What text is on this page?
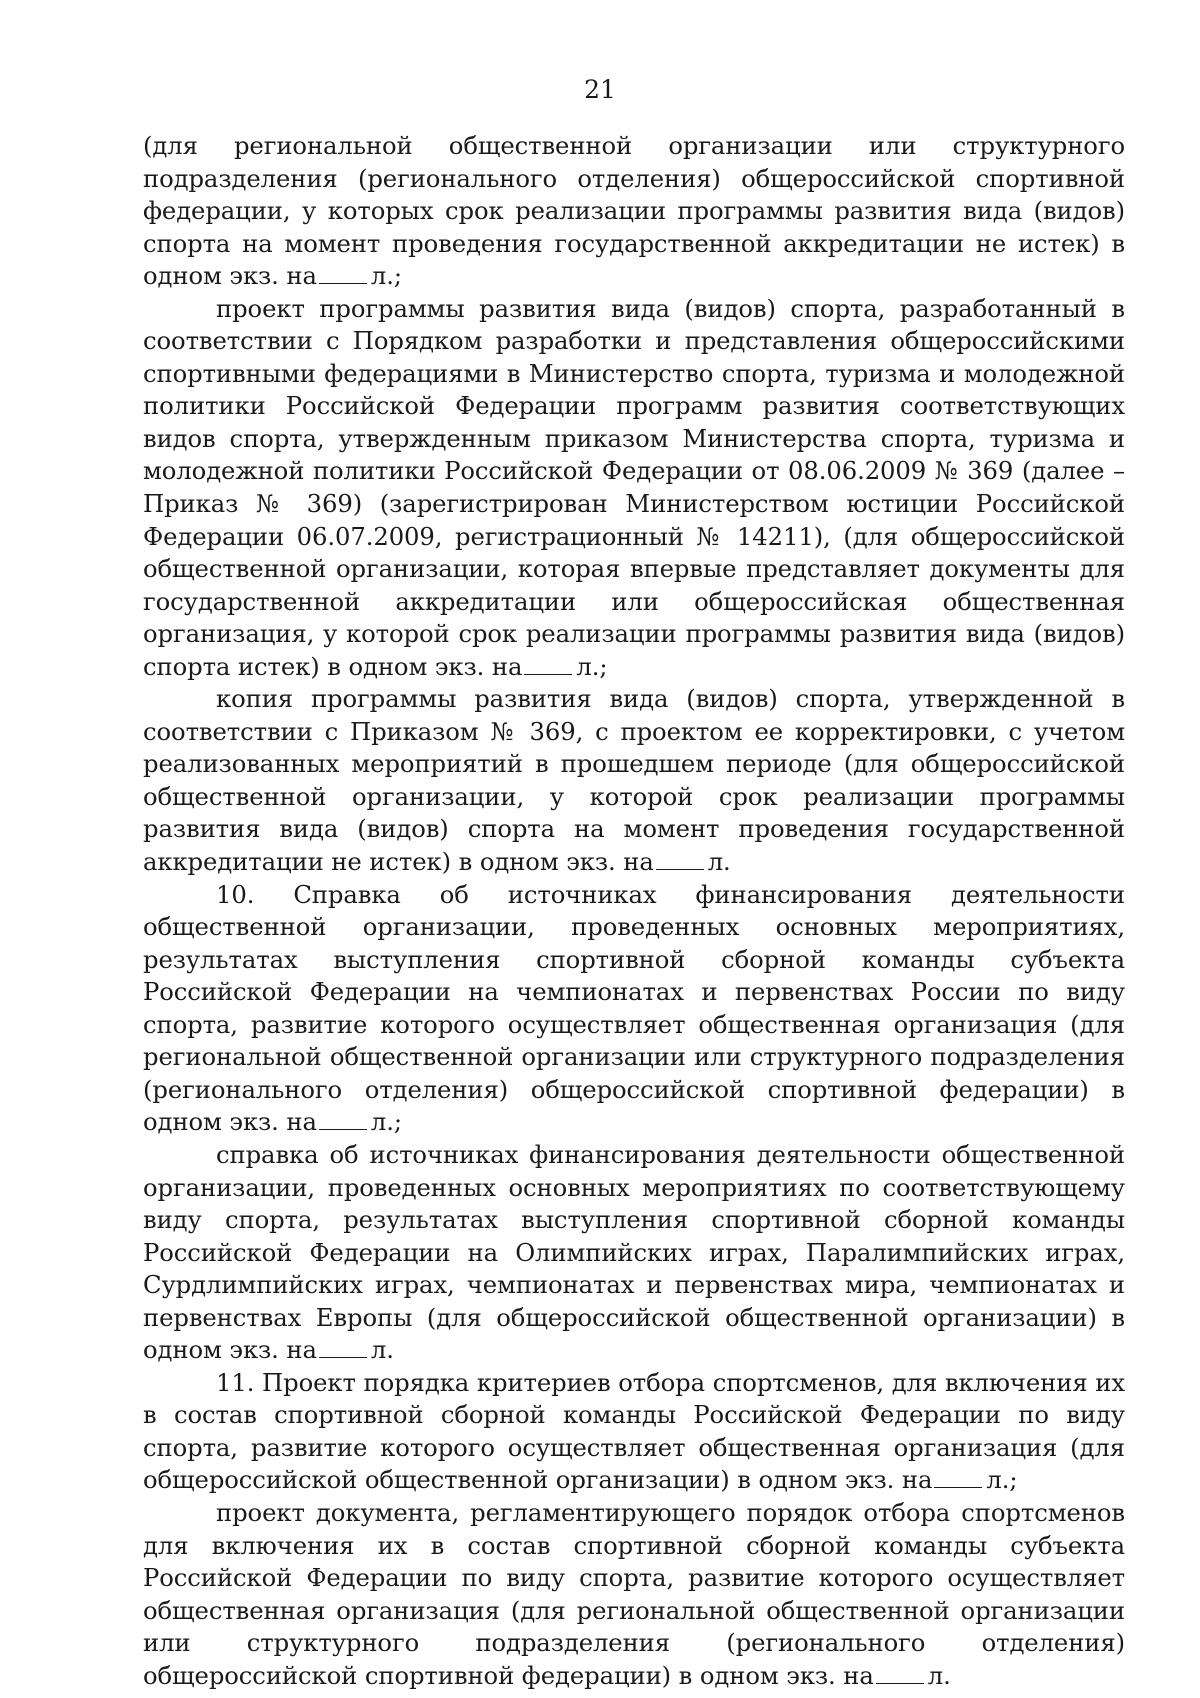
21

(для региональной общественной организации или структурного подразделения (регионального отделения) общероссийской спортивной федерации, у которых срок реализации программы развития вида (видов) спорта на момент проведения государственной аккредитации не истек) в одном экз. на л.;

проект программы развития вида (видов) спорта, разработанный в соответствии с Порядком разработки и представления общероссийскими спортивными федерациями в Министерство спорта, туризма и молодежной политики Российской Федерации программ развития соответствующих видов спорта, утвержденным приказом Министерства спорта, туризма и молодежной политики Российской Федерации от 08.06.2009 № 369 (далее – Приказ № 369) (зарегистрирован Министерством юстиции Российской Федерации 06.07.2009, регистрационный № 14211), (для общероссийской общественной организации, которая впервые представляет документы для государственной аккредитации или общероссийская общественная организация, у которой срок реализации программы развития вида (видов) спорта истек) в одном экз. на л.;

копия программы развития вида (видов) спорта, утвержденной в соответствии с Приказом № 369, с проектом ее корректировки, с учетом реализованных мероприятий в прошедшем периоде (для общероссийской общественной организации, у которой срок реализации программы развития вида (видов) спорта на момент проведения государственной аккредитации не истек) в одном экз. на л.

10. Справка об источниках финансирования деятельности общественной организации, проведенных основных мероприятиях, результатах выступления спортивной сборной команды субъекта Российской Федерации на чемпионатах и первенствах России по виду спорта, развитие которого осуществляет общественная организация (для региональной общественной организации или структурного подразделения (регионального отделения) общероссийской спортивной федерации) в одном экз. на л.;

справка об источниках финансирования деятельности общественной организации, проведенных основных мероприятиях по соответствующему виду спорта, результатах выступления спортивной сборной команды Российской Федерации на Олимпийских играх, Паралимпийских играх, Сурдлимпийских играх, чемпионатах и первенствах мира, чемпионатах и первенствах Европы (для общероссийской общественной организации) в одном экз. на л.

11. Проект порядка критериев отбора спортсменов, для включения их в состав спортивной сборной команды Российской Федерации по виду спорта, развитие которого осуществляет общественная организация (для общероссийской общественной организации) в одном экз. на л.;

проект документа, регламентирующего порядок отбора спортсменов для включения их в состав спортивной сборной команды субъекта Российской Федерации по виду спорта, развитие которого осуществляет общественная организация (для региональной общественной организации или структурного подразделения (регионального отделения) общероссийской спортивной федерации) в одном экз. на л.
